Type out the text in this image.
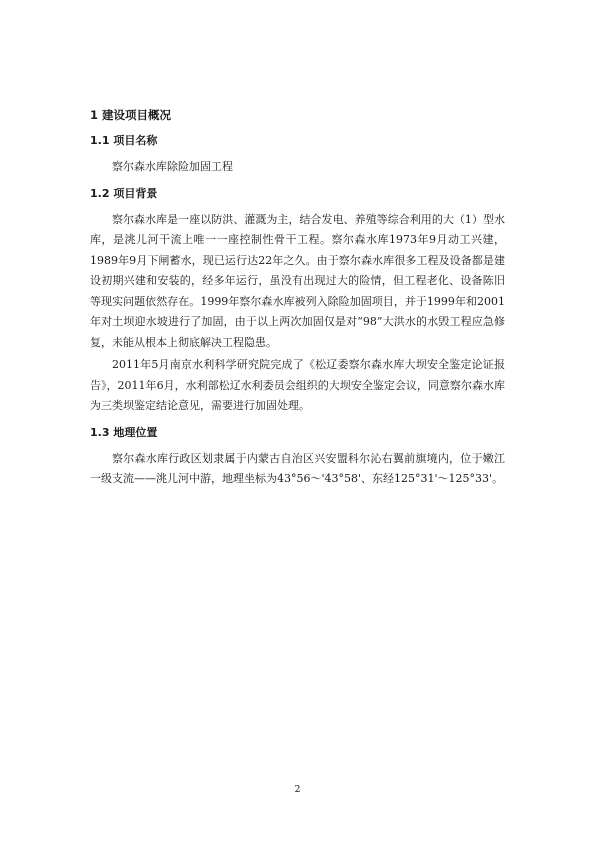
1 建设项目概况
1.1 项目名称

察尔森水库除险加固工程

1.2 项目背景

察尔森水库是一座以防洪、灌溉为主，结合发电、养殖等综合利用的大（1）型水库，是洮儿河干流上唯一一座控制性骨干工程。察尔森水库1973年9月动工兴建，1989年9月下闸蓄水，现已运行达22年之久。由于察尔森水库很多工程及设备都是建设初期兴建和安装的，经多年运行，虽没有出现过大的险情，但工程老化、设备陈旧等现实问题依然存在。1999年察尔森水库被列入除险加固项目，并于1999年和2001年对土坝迎水坡进行了加固，由于以上两次加固仅是对“98”大洪水的水毁工程应急修复，未能从根本上彻底解决工程隐患。

2011年5月南京水利科学研究院完成了《松辽委察尔森水库大坝安全鉴定论证报告》，2011年6月，水利部松辽水利委员会组织的大坝安全鉴定会议，同意察尔森水库为三类坝鉴定结论意见，需要进行加固处理。

1.3 地理位置

察尔森水库行政区划隶属于内蒙古自治区兴安盟科尔沁右翼前旗境内，位于嫩江一级支流——洮儿河中游，地理坐标为43°56～'43°58'、东经125°31'～125°33'。

2
